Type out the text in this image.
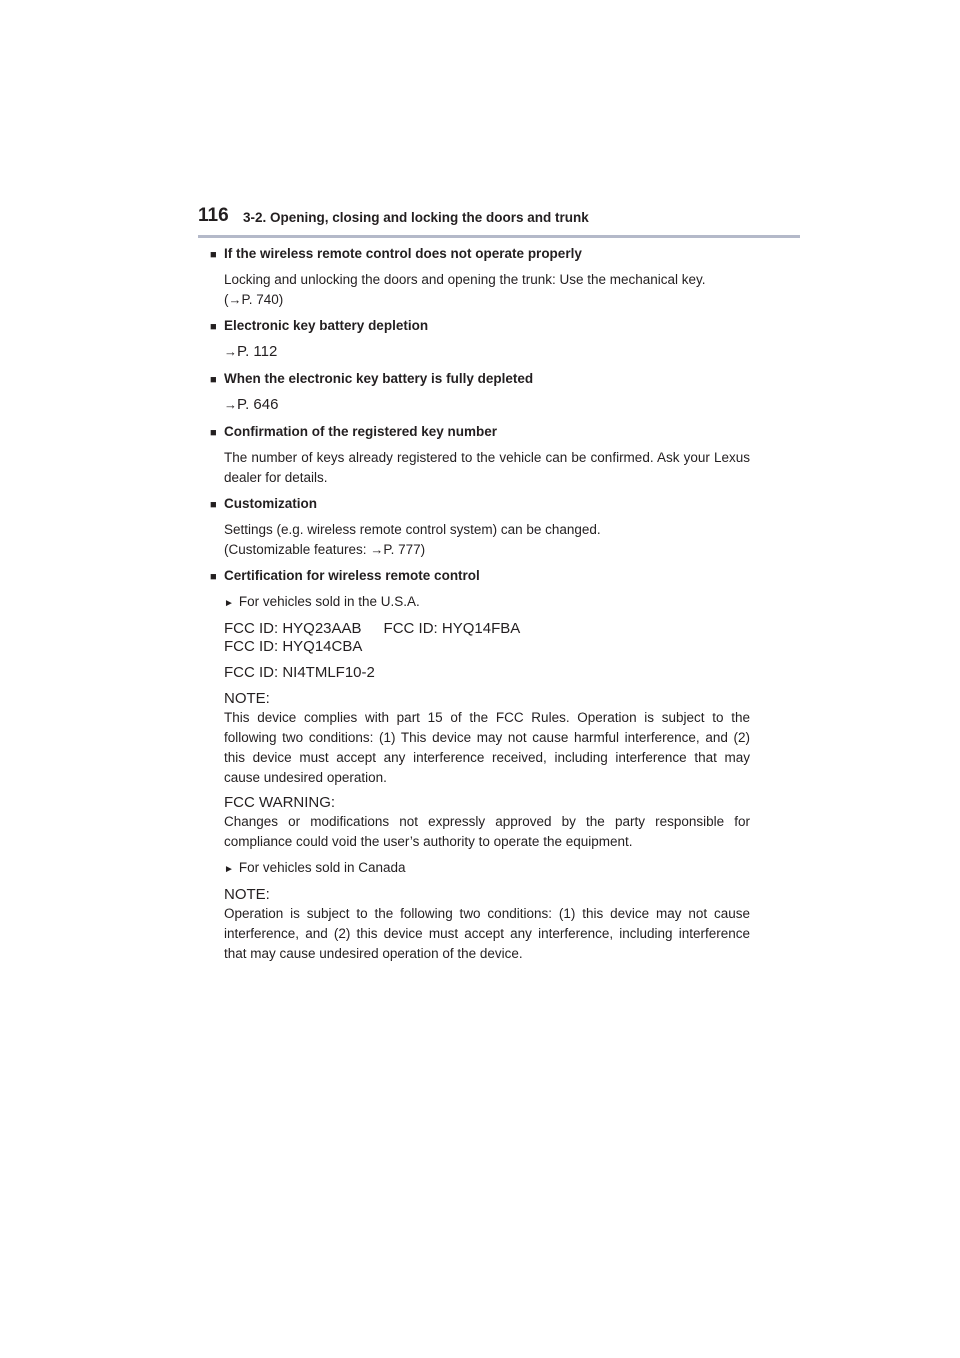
116 3-2. Opening, closing and locking the doors and trunk
■ If the wireless remote control does not operate properly
Locking and unlocking the doors and opening the trunk: Use the mechanical key.
(→P. 740)
■ Electronic key battery depletion
→P. 112
■ When the electronic key battery is fully depleted
→P. 646
■ Confirmation of the registered key number
The number of keys already registered to the vehicle can be confirmed. Ask your Lexus dealer for details.
■ Customization
Settings (e.g. wireless remote control system) can be changed.
(Customizable features: →P. 777)
■ Certification for wireless remote control
► For vehicles sold in the U.S.A.
FCC ID: HYQ23AAB FCC ID: HYQ14FBA
FCC ID: HYQ14CBA
FCC ID: NI4TMLF10-2
NOTE:
This device complies with part 15 of the FCC Rules. Operation is subject to the following two conditions: (1) This device may not cause harmful interference, and (2) this device must accept any interference received, including interference that may cause undesired operation.
FCC WARNING:
Changes or modifications not expressly approved by the party responsible for compliance could void the user’s authority to operate the equipment.
► For vehicles sold in Canada
NOTE:
Operation is subject to the following two conditions: (1) this device may not cause interference, and (2) this device must accept any interference, including interference that may cause undesired operation of the device.
